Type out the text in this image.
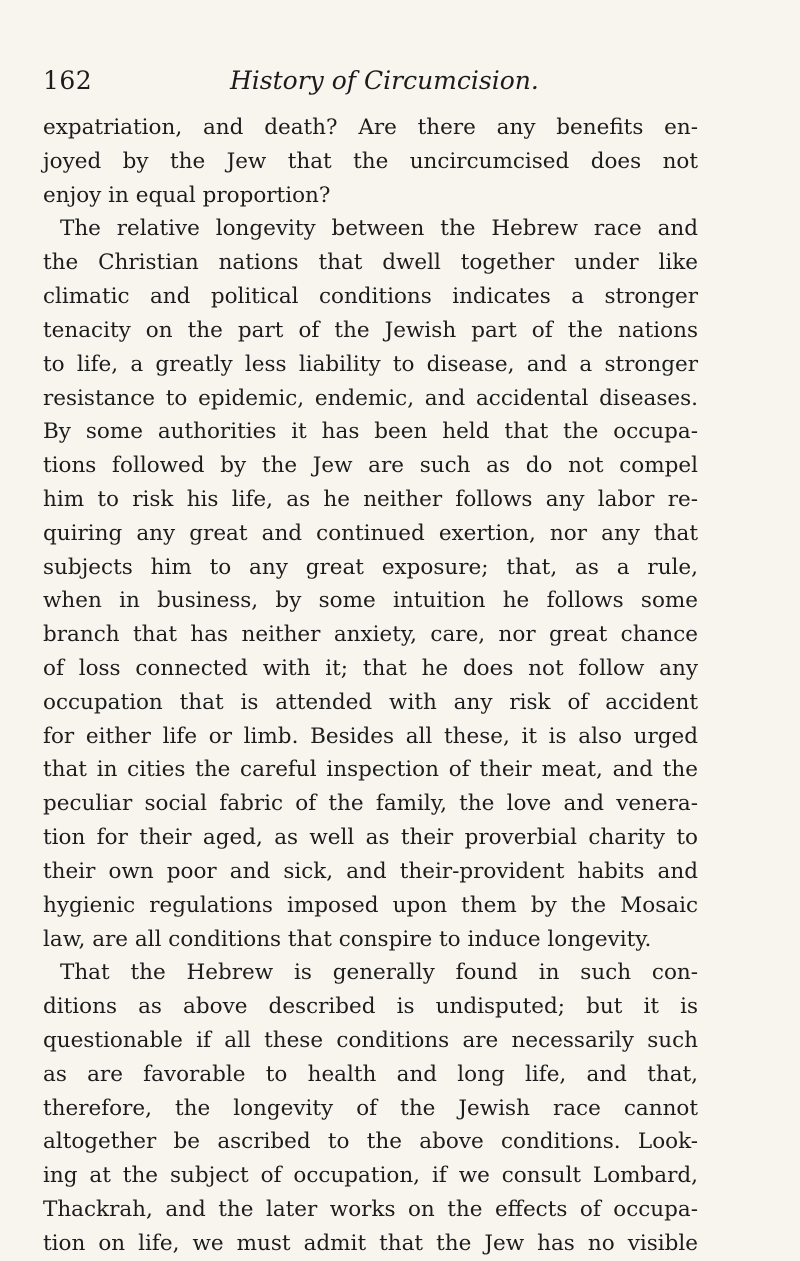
162	History of Circumcision.
expatriation, and death? Are there any benefits en-
joyed by the Jew that the uncircumcised does not
enjoy in equal proportion?
The relative longevity between the Hebrew race and
the Christian nations that dwell together under like
climatic and political conditions indicates a stronger
tenacity on the part of the Jewish part of the nations
to life, a greatly less liability to disease, and a stronger
resistance to epidemic, endemic, and accidental diseases.
By some authorities it has been held that the occupa-
tions followed by the Jew are such as do not compel
him to risk his life, as he neither follows any labor re-
quiring any great and continued exertion, nor any that
subjects him to any great exposure; that, as a rule,
when in business, by some intuition he follows some
branch that has neither anxiety, care, nor great chance
of loss connected with it; that he does not follow any
occupation that is attended with any risk of accident
for either life or limb. Besides all these, it is also urged
that in cities the careful inspection of their meat, and the
peculiar social fabric of the family, the love and venera-
tion for their aged, as well as their proverbial charity to
their own poor and sick, and their-provident habits and
hygienic regulations imposed upon them by the Mosaic
law, are all conditions that conspire to induce longevity.
That the Hebrew is generally found in such con-
ditions as above described is undisputed; but it is
questionable if all these conditions are necessarily such
as are favorable to health and long life, and that,
therefore, the longevity of the Jewish race cannot
altogether be ascribed to the above conditions. Look-
ing at the subject of occupation, if we consult Lombard,
Thackrah, and the later works on the effects of occupa-
tion on life, we must admit that the Jew has no visible
